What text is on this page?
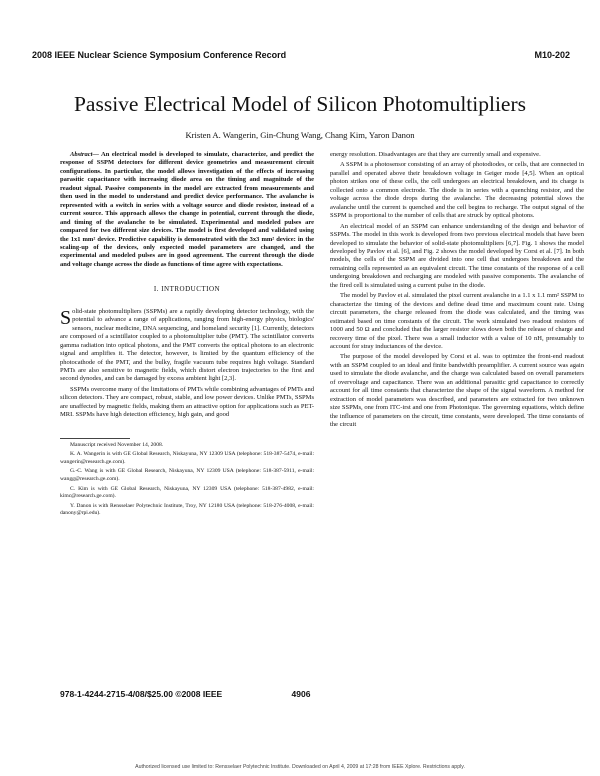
2008 IEEE Nuclear Science Symposium Conference Record	M10-202
Passive Electrical Model of Silicon Photomultipliers
Kristen A. Wangerin, Gin-Chung Wang, Chang Kim, Yaron Danon

Abstract— An electrical model is developed to simulate, characterize, and predict the response of SSPM detectors for different device geometries and measurement circuit configurations. In particular, the model allows investigation of the effects of increasing parasitic capacitance with increasing diode area on the timing and magnitude of the readout signal. Passive components in the model are extracted from measurements and then used in the model to understand and predict device performance. The avalanche is represented with a switch in series with a voltage source and diode resistor, instead of a current source. This approach allows the change in potential, current through the diode, and timing of the avalanche to be simulated. Experimental and modeled pulses are compared for two different size devices. The model is first developed and validated using the 1x1 mm² device. Predictive capability is demonstrated with the 3x3 mm² device: in the scaling-up of the devices, only expected model parameters are changed, and the experimental and modeled pulses are in good agreement. The current through the diode and voltage change across the diode as functions of time agree with expectations.

I. INTRODUCTION

Solid-state photomultipliers (SSPMs) are a rapidly developing detector technology, with the potential to advance a range of applications, ranging from high-energy physics, biologics' sensors, nuclear medicine, DNA sequencing, and homeland security [1]. Currently, detectors are composed of a scintillator coupled to a photomultiplier tube (PMT). The scintillator converts gamma radiation into optical photons, and the PMT converts the optical photons to an electronic signal and amplifies it. The detector, however, is limited by the quantum efficiency of the photocathode of the PMT, and the bulky, fragile vacuum tube requires high voltage. Standard PMTs are also sensitive to magnetic fields, which distort electron trajectories to the first and second dynodes, and can be damaged by excess ambient light [2,3].

SSPMs overcome many of the limitations of PMTs while combining advantages of PMTs and silicon detectors. They are compact, robust, stable, and low power devices. Unlike PMTs, SSPMs are unaffected by magnetic fields, making them an attractive option for applications such as PET-MRI. SSPMs have high detection efficiency, high gain, and good

Manuscript received November 14, 2008.

K. A. Wangerin is with GE Global Research, Niskayuna, NY 12309 USA (telephone: 518-387-5474, e-mail: wangerin@research.ge.com).

G.-C. Wang is with GE Global Research, Niskayuna, NY 12309 USA (telephone: 518-387-5911, e-mail: wangg@research.ge.com).

C. Kim is with GE Global Research, Niskayuna, NY 12309 USA (telephone: 518-387-4982, e-mail: kimc@research.ge.com).

Y. Danon is with Rensselaer Polytechnic Institute, Troy, NY 12180 USA (telephone: 518-276-4008, e-mail: danony@rpi.edu).

energy resolution. Disadvantages are that they are currently small and expensive.

A SSPM is a photosensor consisting of an array of photodiodes, or cells, that are connected in parallel and operated above their breakdown voltage in Geiger mode [4,5]. When an optical photon strikes one of these cells, the cell undergoes an electrical breakdown, and its charge is collected onto a common electrode. The diode is in series with a quenching resistor, and the voltage across the diode drops during the avalanche. The decreasing potential slows the avalanche until the current is quenched and the cell begins to recharge. The output signal of the SSPM is proportional to the number of cells that are struck by optical photons.

An electrical model of an SSPM can enhance understanding of the design and behavior of SSPMs. The model in this work is developed from two previous electrical models that have been developed to simulate the behavior of solid-state photomultipliers [6,7]. Fig. 1 shows the model developed by Pavlov et al. [6], and Fig. 2 shows the model developed by Corsi et al. [7]. In both models, the cells of the SSPM are divided into one cell that undergoes breakdown and the remaining cells represented as an equivalent circuit. The time constants of the response of a cell undergoing breakdown and recharging are modeled with passive components. The avalanche of the fired cell is simulated using a current pulse in the diode.

The model by Pavlov et al. simulated the pixel current avalanche in a 1.1 x 1.1 mm² SSPM to characterize the timing of the devices and define dead time and maximum count rate. Using circuit parameters, the charge released from the diode was calculated, and the timing was estimated based on time constants of the circuit. The work simulated two readout resistors of 1000 and 50 Ω and concluded that the larger resistor slows down both the release of charge and recovery time of the pixel. There was a small inductor with a value of 10 nH, presumably to account for stray inductances of the device.

The purpose of the model developed by Corsi et al. was to optimize the front-end readout with an SSPM coupled to an ideal and finite bandwidth preamplifier. A current source was again used to simulate the diode avalanche, and the charge was calculated based on overall parameters of overvoltage and capacitance. There was an additional parasitic grid capacitance to correctly account for all time constants that characterize the shape of the signal waveform. A method for extraction of model parameters was described, and parameters are extracted for two unknown size SSPMs, one from ITC-irst and one from Photonique. The governing equations, which define the influence of parameters on the circuit, time constants, were developed. The time constants of the circuit

978-1-4244-2715-4/08/$25.00 ©2008 IEEE	4906
Authorized licensed use limited to: Rensselaer Polytechnic Institute. Downloaded on April 4, 2009 at 17:28 from IEEE Xplore. Restrictions apply.
